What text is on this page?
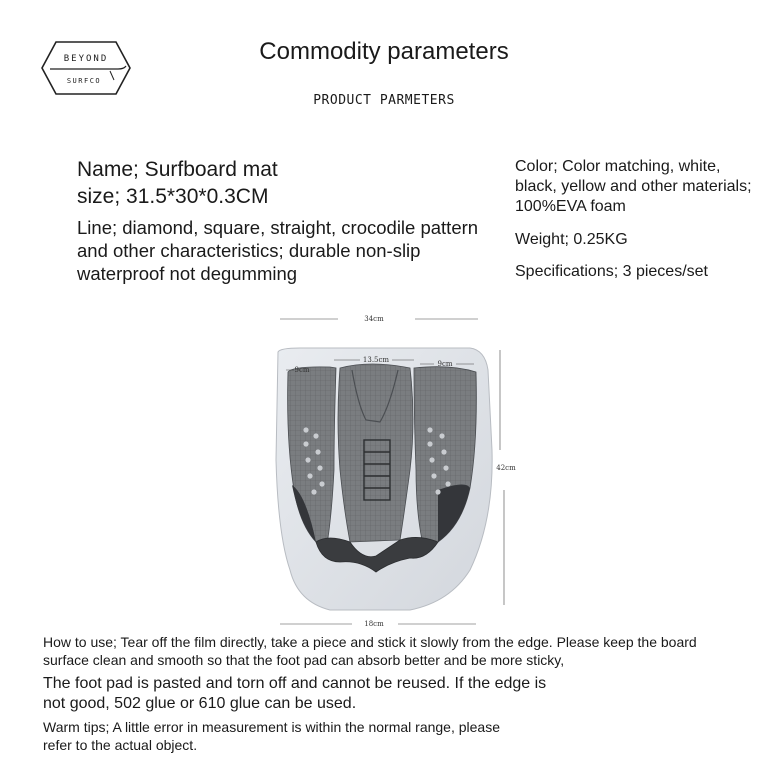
BEYOND
SURFCO
Commodity parameters
PRODUCT PARMETERS
Name; Surfboard mat
size; 31.5*30*0.3CM
Line; diamond, square, straight, crocodile pattern and other characteristics; durable non-slip waterproof not degumming
Color; Color matching, white, black, yellow and other materials; 100%EVA foam
Weight; 0.25KG
Specifications; 3 pieces/set
34cm
9cm
13.5cm	9cm
42cm
18cm
How to use; Tear off the film directly, take a piece and stick it slowly from the edge. Please keep the board surface clean and smooth so that the foot pad can absorb better and be more sticky,
The foot pad is pasted and torn off and cannot be reused. If the edge is not good, 502 glue or 610 glue can be used.
Warm tips; A little error in measurement is within the normal range, please refer to the actual object.
